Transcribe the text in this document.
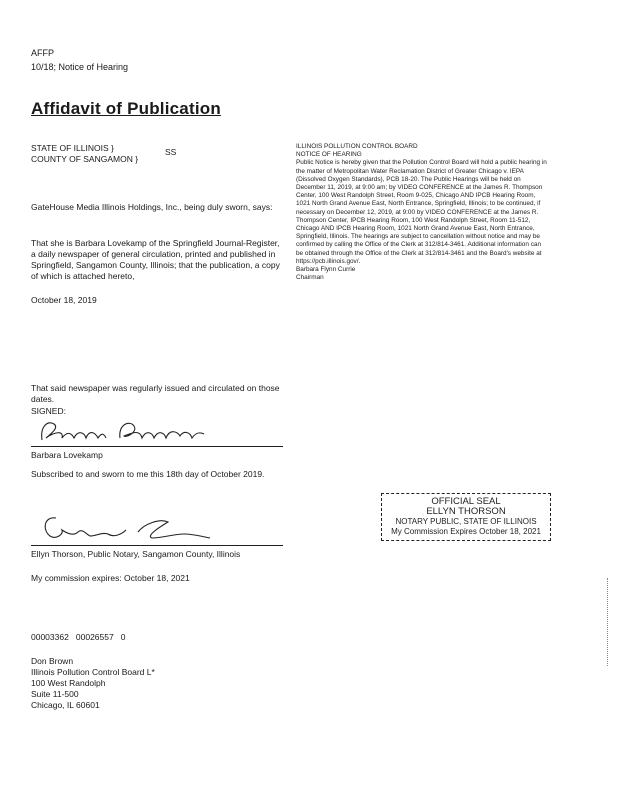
AFFP
10/18; Notice of Hearing
Affidavit of Publication
STATE OF ILLINOIS }
COUNTY OF SANGAMON }
SS
GateHouse Media Illinois Holdings, Inc., being duly sworn, says:
That she is Barbara Lovekamp of the Springfield Journal-Register, a daily newspaper of general circulation, printed and published in Springfield, Sangamon County, Illinois; that the publication, a copy of which is attached hereto,
October 18, 2019
ILLINOIS POLLUTION CONTROL BOARD
NOTICE OF HEARING
Public Notice is hereby given that the Pollution Control Board will hold a public hearing in the matter of Metropolitan Water Reclamation District of Greater Chicago v. IEPA (Dissolved Oxygen Standards), PCB 18-20. The Public Hearings will be held on December 11, 2019, at 9:00 am; by VIDEO CONFERENCE at the James R. Thompson Center, 100 West Randolph Street, Room 9-025, Chicago AND IPCB Hearing Room, 1021 North Grand Avenue East, North Entrance, Springfield, Illinois; to be continued, if necessary on December 12, 2019, at 9:00 by VIDEO CONFERENCE at the James R. Thompson Center, IPCB Hearing Room, 100 West Randolph Street, Room 11-512, Chicago AND IPCB Hearing Room, 1021 North Grand Avenue East, North Entrance, Springfield, Illinois. The hearings are subject to cancellation without notice and may be confirmed by calling the Office of the Clerk at 312/814-3461. Additional information can be obtained through the Office of the Clerk at 312/814-3461 and the Board's website at https://pcb.illinois.gov/.
Barbara Flynn Currie
Chairman
That said newspaper was regularly issued and circulated on those dates.
SIGNED:
Barbara Lovekamp
Subscribed to and sworn to me this 18th day of October 2019.
Ellyn Thorson, Public Notary, Sangamon County, Illinois
My commission expires: October 18, 2021
OFFICIAL SEAL
ELLYN THORSON
NOTARY PUBLIC, STATE OF ILLINOIS
My Commission Expires October 18, 2021
00003362   00026557   0
Don Brown
Illinois Pollution Control Board L*
100 West Randolph
Suite 11-500
Chicago, IL 60601
